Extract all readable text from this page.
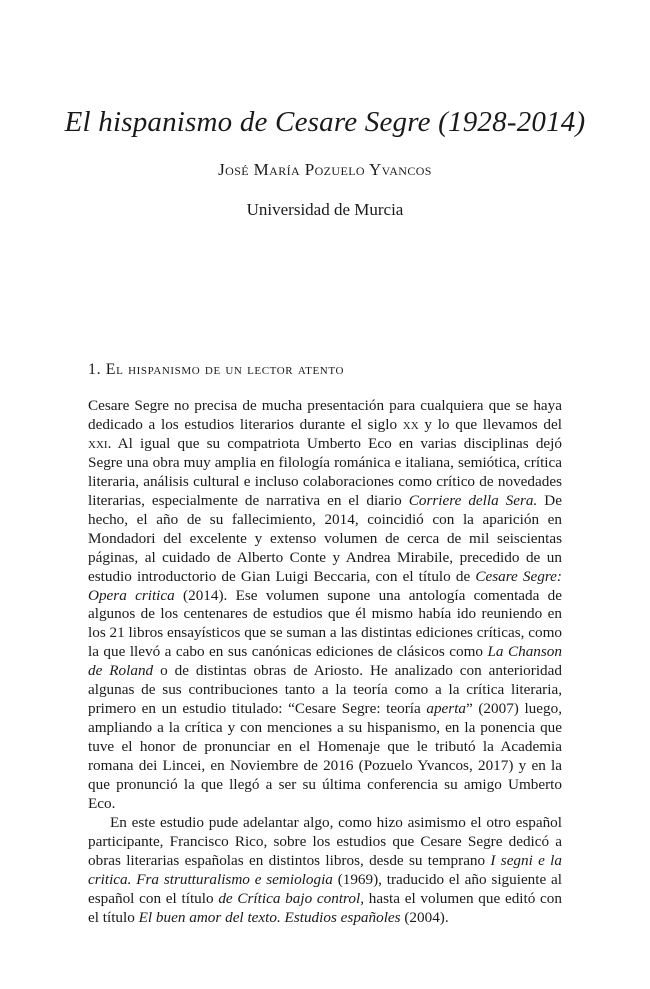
El hispanismo de Cesare Segre (1928-2014)
José María Pozuelo Yvancos
Universidad de Murcia
1. El hispanismo de un lector atento

Cesare Segre no precisa de mucha presentación para cualquiera que se haya dedicado a los estudios literarios durante el siglo xx y lo que llevamos del xxi. Al igual que su compatriota Umberto Eco en varias disciplinas dejó Segre una obra muy amplia en filología románica e italiana, semiótica, crítica literaria, análisis cultural e incluso colaboraciones como crítico de novedades literarias, especialmente de narrativa en el diario Corriere della Sera. De hecho, el año de su fallecimiento, 2014, coincidió con la aparición en Mondadori del excelente y extenso volumen de cerca de mil seiscientas páginas, al cuidado de Alberto Conte y Andrea Mirabile, precedido de un estudio introductorio de Gian Luigi Beccaria, con el título de Cesare Segre: Opera critica (2014). Ese volumen supone una antología comentada de algunos de los centenares de estudios que él mismo había ido reuniendo en los 21 libros ensayísticos que se suman a las distintas ediciones críticas, como la que llevó a cabo en sus canónicas ediciones de clásicos como La Chanson de Roland o de distintas obras de Ariosto. He analizado con anterioridad algunas de sus contribuciones tanto a la teoría como a la crítica literaria, primero en un estudio titulado: “Cesare Segre: teoría aperta” (2007) luego, ampliando a la crítica y con menciones a su hispanismo, en la ponencia que tuve el honor de pronunciar en el Homenaje que le tributó la Academia romana dei Lincei, en Noviembre de 2016 (Pozuelo Yvancos, 2017) y en la que pronunció la que llegó a ser su última conferencia su amigo Umberto Eco.

En este estudio pude adelantar algo, como hizo asimismo el otro español participante, Francisco Rico, sobre los estudios que Cesare Segre dedicó a obras literarias españolas en distintos libros, desde su temprano I segni e la critica. Fra strutturalismo e semiologia (1969), traducido el año siguiente al español con el título de Crítica bajo control, hasta el volumen que editó con el título El buen amor del texto. Estudios españoles (2004).
